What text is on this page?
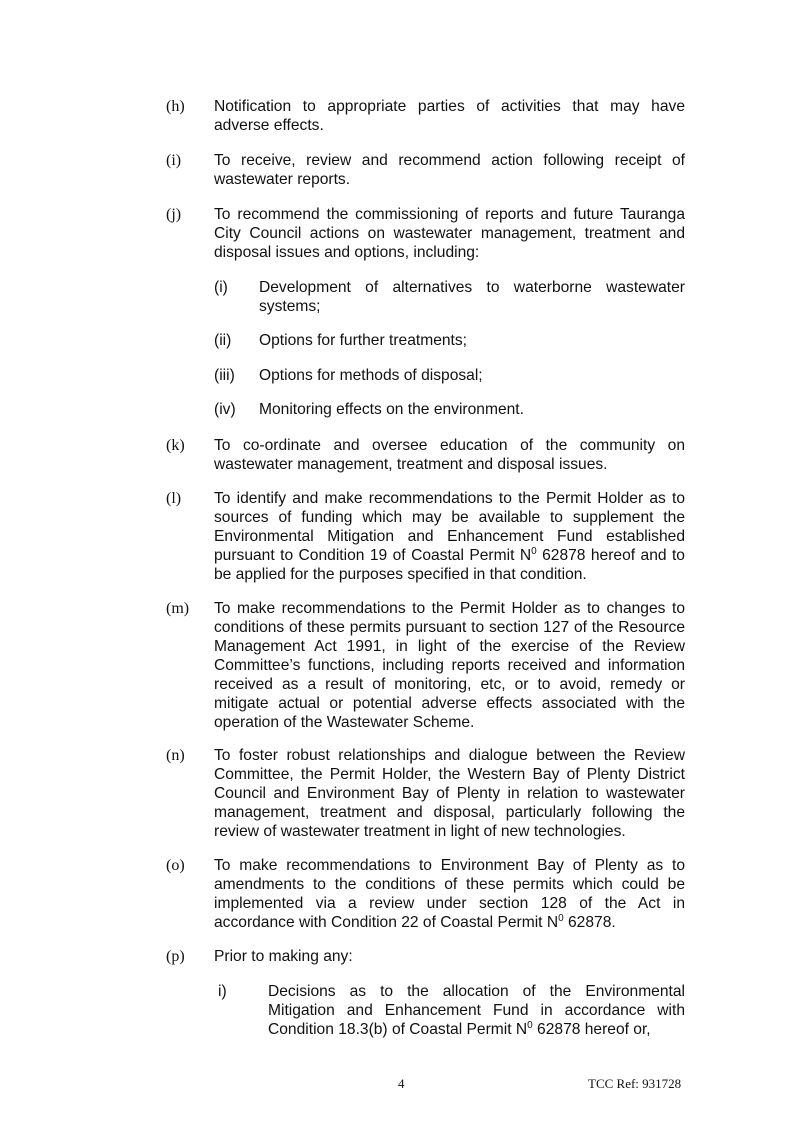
(h) Notification to appropriate parties of activities that may have adverse effects.

(i) To receive, review and recommend action following receipt of wastewater reports.

(j) To recommend the commissioning of reports and future Tauranga City Council actions on wastewater management, treatment and disposal issues and options, including:

(i) Development of alternatives to waterborne wastewater systems;

(ii) Options for further treatments;

(iii) Options for methods of disposal;

(iv) Monitoring effects on the environment.

(k) To co-ordinate and oversee education of the community on wastewater management, treatment and disposal issues.

(l) To identify and make recommendations to the Permit Holder as to sources of funding which may be available to supplement the Environmental Mitigation and Enhancement Fund established pursuant to Condition 19 of Coastal Permit $N^0$ 62878 hereof and to be applied for the purposes specified in that condition.

(m) To make recommendations to the Permit Holder as to changes to conditions of these permits pursuant to section 127 of the Resource Management Act 1991, in light of the exercise of the Review Committee’s functions, including reports received and information received as a result of monitoring, etc, or to avoid, remedy or mitigate actual or potential adverse effects associated with the operation of the Wastewater Scheme.

(n) To foster robust relationships and dialogue between the Review Committee, the Permit Holder, the Western Bay of Plenty District Council and Environment Bay of Plenty in relation to wastewater management, treatment and disposal, particularly following the review of wastewater treatment in light of new technologies.

(o) To make recommendations to Environment Bay of Plenty as to amendments to the conditions of these permits which could be implemented via a review under section 128 of the Act in accordance with Condition 22 of Coastal Permit $N^0$ 62878.

(p) Prior to making any:

i)	Decisions as to the allocation of the Environmental Mitigation and Enhancement Fund in accordance with Condition 18.3(b) of Coastal Permit $N^0$ 62878 hereof or,

4	TCC Ref: 931728
